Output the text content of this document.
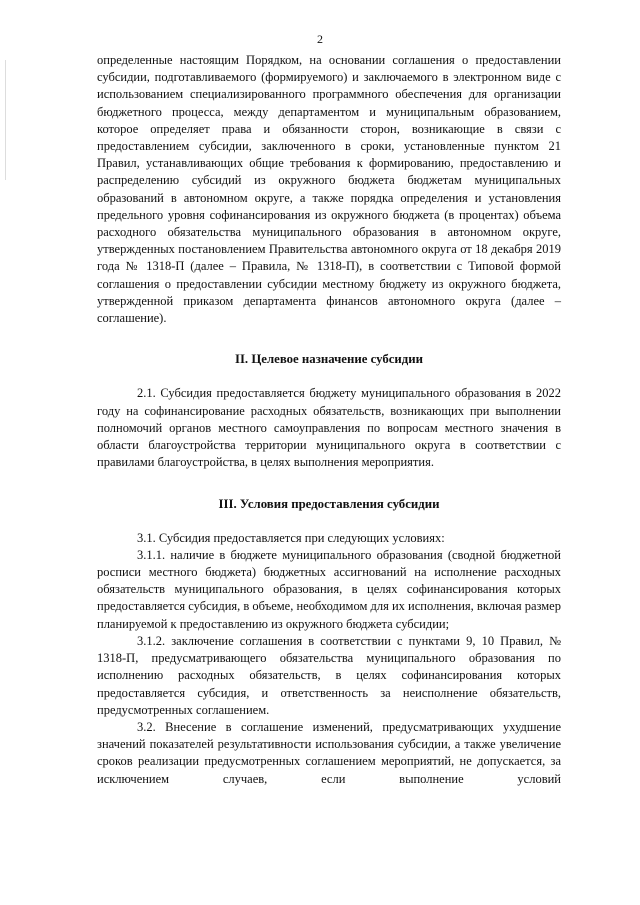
2

определенные настоящим Порядком, на основании соглашения о предоставлении субсидии, подготавливаемого (формируемого) и заключаемого в электронном виде с использованием специализированного программного обеспечения для организации бюджетного процесса, между департаментом и муниципальным образованием, которое определяет права и обязанности сторон, возникающие в связи с предоставлением субсидии, заключенного в сроки, установленные пунктом 21 Правил, устанавливающих общие требования к формированию, предоставлению и распределению субсидий из окружного бюджета бюджетам муниципальных образований в автономном округе, а также порядка определения и установления предельного уровня софинансирования из окружного бюджета (в процентах) объема расходного обязательства муниципального образования в автономном округе, утвержденных постановлением Правительства автономного округа от 18 декабря 2019 года № 1318-П (далее – Правила, № 1318-П), в соответствии с Типовой формой соглашения о предоставлении субсидии местному бюджету из окружного бюджета, утвержденной приказом департамента финансов автономного округа (далее – соглашение).

II. Целевое назначение субсидии

2.1. Субсидия предоставляется бюджету муниципального образования в 2022 году на софинансирование расходных обязательств, возникающих при выполнении полномочий органов местного самоуправления по вопросам местного значения в области благоустройства территории муниципального округа в соответствии с правилами благоустройства, в целях выполнения мероприятия.

III. Условия предоставления субсидии

3.1. Субсидия предоставляется при следующих условиях:

3.1.1. наличие в бюджете муниципального образования (сводной бюджетной росписи местного бюджета) бюджетных ассигнований на исполнение расходных обязательств муниципального образования, в целях софинансирования которых предоставляется субсидия, в объеме, необходимом для их исполнения, включая размер планируемой к предоставлению из окружного бюджета субсидии;

3.1.2. заключение соглашения в соответствии с пунктами 9, 10 Правил, № 1318-П, предусматривающего обязательства муниципального образования по исполнению расходных обязательств, в целях софинансирования которых предоставляется субсидия, и ответственность за неисполнение обязательств, предусмотренных соглашением.

3.2. Внесение в соглашение изменений, предусматривающих ухудшение значений показателей результативности использования субсидии, а также увеличение сроков реализации предусмотренных соглашением мероприятий, не допускается, за исключением случаев, если выполнение условий
